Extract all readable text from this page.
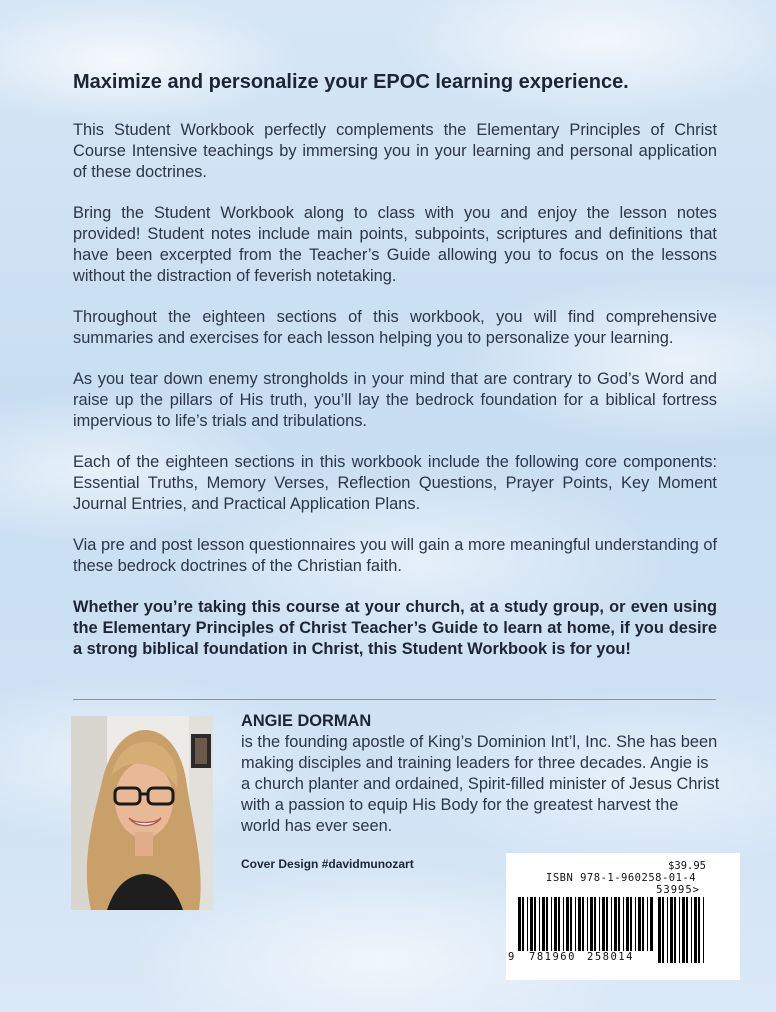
Maximize and personalize your EPOC learning experience.

This Student Workbook perfectly complements the Elementary Principles of Christ Course Intensive teachings by immersing you in your learning and personal application of these doctrines.

Bring the Student Workbook along to class with you and enjoy the lesson notes provided! Student notes include main points, subpoints, scriptures and definitions that have been excerpted from the Teacher’s Guide allowing you to focus on the lessons without the distraction of feverish notetaking.

Throughout the eighteen sections of this workbook, you will find comprehensive summaries and exercises for each lesson helping you to personalize your learning.

As you tear down enemy strongholds in your mind that are contrary to God’s Word and raise up the pillars of His truth, you’ll lay the bedrock foundation for a biblical fortress impervious to life’s trials and tribulations.

Each of the eighteen sections in this workbook include the following core components: Essential Truths, Memory Verses, Reflection Questions, Prayer Points, Key Moment Journal Entries, and Practical Application Plans.

Via pre and post lesson questionnaires you will gain a more meaningful understanding of these bedrock doctrines of the Christian faith.

Whether you’re taking this course at your church, at a study group, or even using the Elementary Principles of Christ Teacher’s Guide to learn at home, if you desire a strong biblical foundation in Christ, this Student Workbook is for you!

ANGIE DORMAN
is the founding apostle of King’s Dominion Int’l, Inc. She has been making disciples and training leaders for three decades. Angie is a church planter and ordained, Spirit-filled minister of Jesus Christ with a passion to equip His Body for the greatest harvest the world has ever seen.
Cover Design #davidmunozart	$39.95
ISBN 978-1-960258-01-4
53995>
9 781960 258014
